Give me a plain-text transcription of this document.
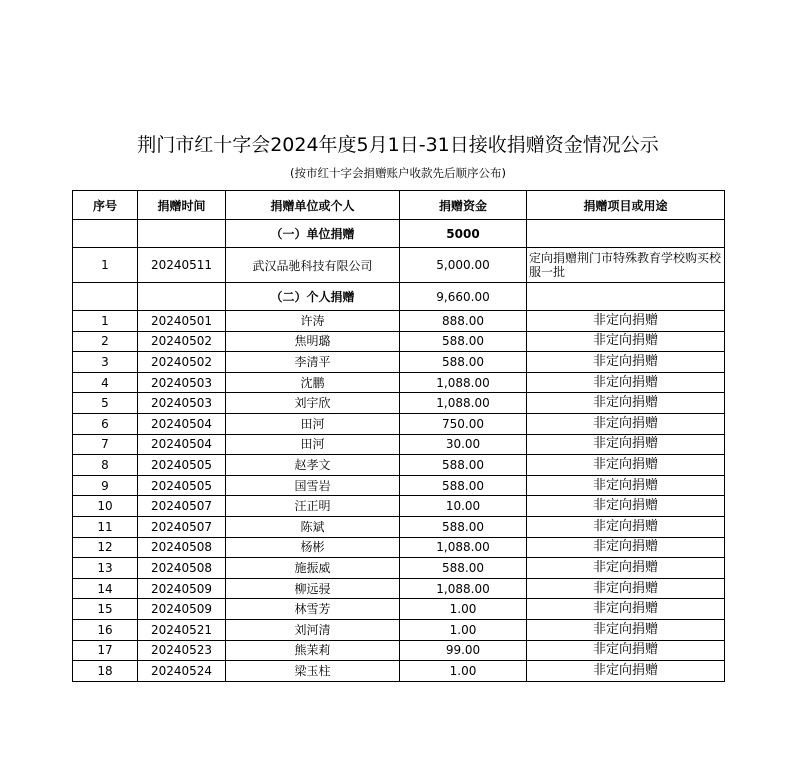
荆门市红十字会2024年度5月1日-31日接收捐赠资金情况公示
(按市红十字会捐赠账户收款先后顺序公布)
序号	捐赠时间	捐赠单位或个人	捐赠资金	捐赠项目或用途
		（一）单位捐赠	5000	
1	20240511	武汉品驰科技有限公司	5,000.00	定向捐赠荆门市特殊教育学校购买校服一批
		（二）个人捐赠	9,660.00	
1	20240501	许涛	888.00	非定向捐赠
2	20240502	焦明璐	588.00	非定向捐赠
3	20240502	李清平	588.00	非定向捐赠
4	20240503	沈鹏	1,088.00	非定向捐赠
5	20240503	刘宇欣	1,088.00	非定向捐赠
6	20240504	田河	750.00	非定向捐赠
7	20240504	田河	30.00	非定向捐赠
8	20240505	赵孝文	588.00	非定向捐赠
9	20240505	国雪岩	588.00	非定向捐赠
10	20240507	汪正明	10.00	非定向捐赠
11	20240507	陈斌	588.00	非定向捐赠
12	20240508	杨彬	1,088.00	非定向捐赠
13	20240508	施振威	588.00	非定向捐赠
14	20240509	柳远骎	1,088.00	非定向捐赠
15	20240509	林雪芳	1.00	非定向捐赠
16	20240521	刘河清	1.00	非定向捐赠
17	20240523	熊茉莉	99.00	非定向捐赠
18	20240524	梁玉柱	1.00	非定向捐赠
